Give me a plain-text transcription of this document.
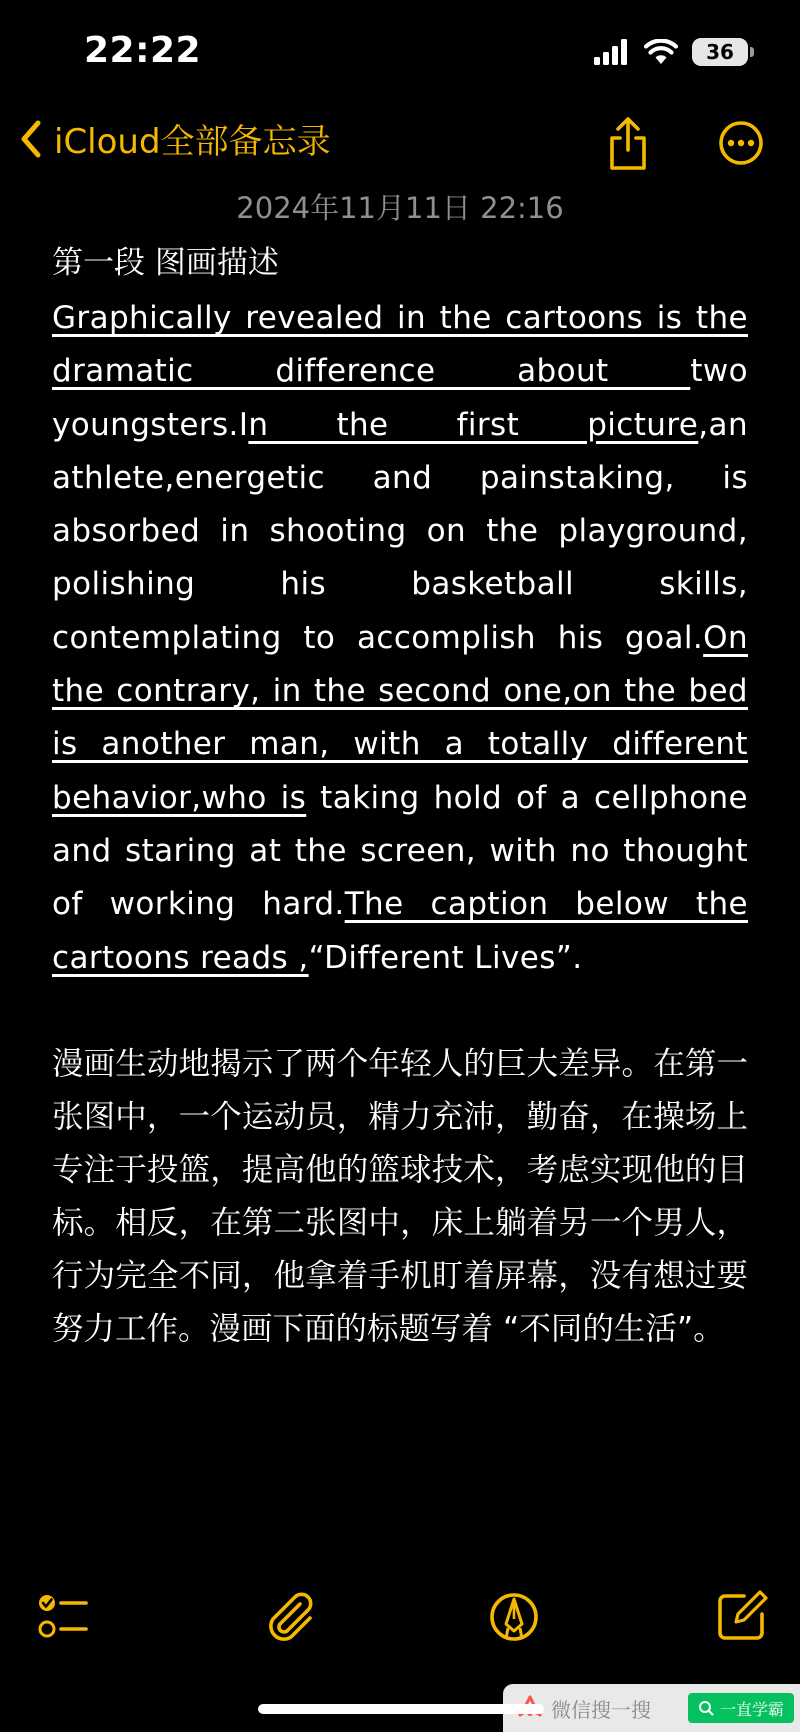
22:22	36
iCloud全部备忘录
2024年11月11日 22:16
第一段 图画描述
Graphically revealed in the cartoons is the dramatic difference about two youngsters.In the first picture,an athlete,energetic and painstaking, is absorbed in shooting on the playground, polishing his basketball skills, contemplating to accomplish his goal.On the contrary, in the second one,on the bed is another man, with a totally different behavior,who is taking hold of a cellphone and staring at the screen, with no thought of working hard.The caption below the cartoons reads ,“Different Lives”.
漫画生动地揭示了两个年轻人的巨大差异。在第一张图中，一个运动员，精力充沛，勤奋，在操场上专注于投篮，提高他的篮球技术，考虑实现他的目标。相反，在第二张图中，床上躺着另一个男人，行为完全不同，他拿着手机盯着屏幕，没有想过要努力工作。漫画下面的标题写着 “不同的生活”。
微信搜一搜	一直学霸
